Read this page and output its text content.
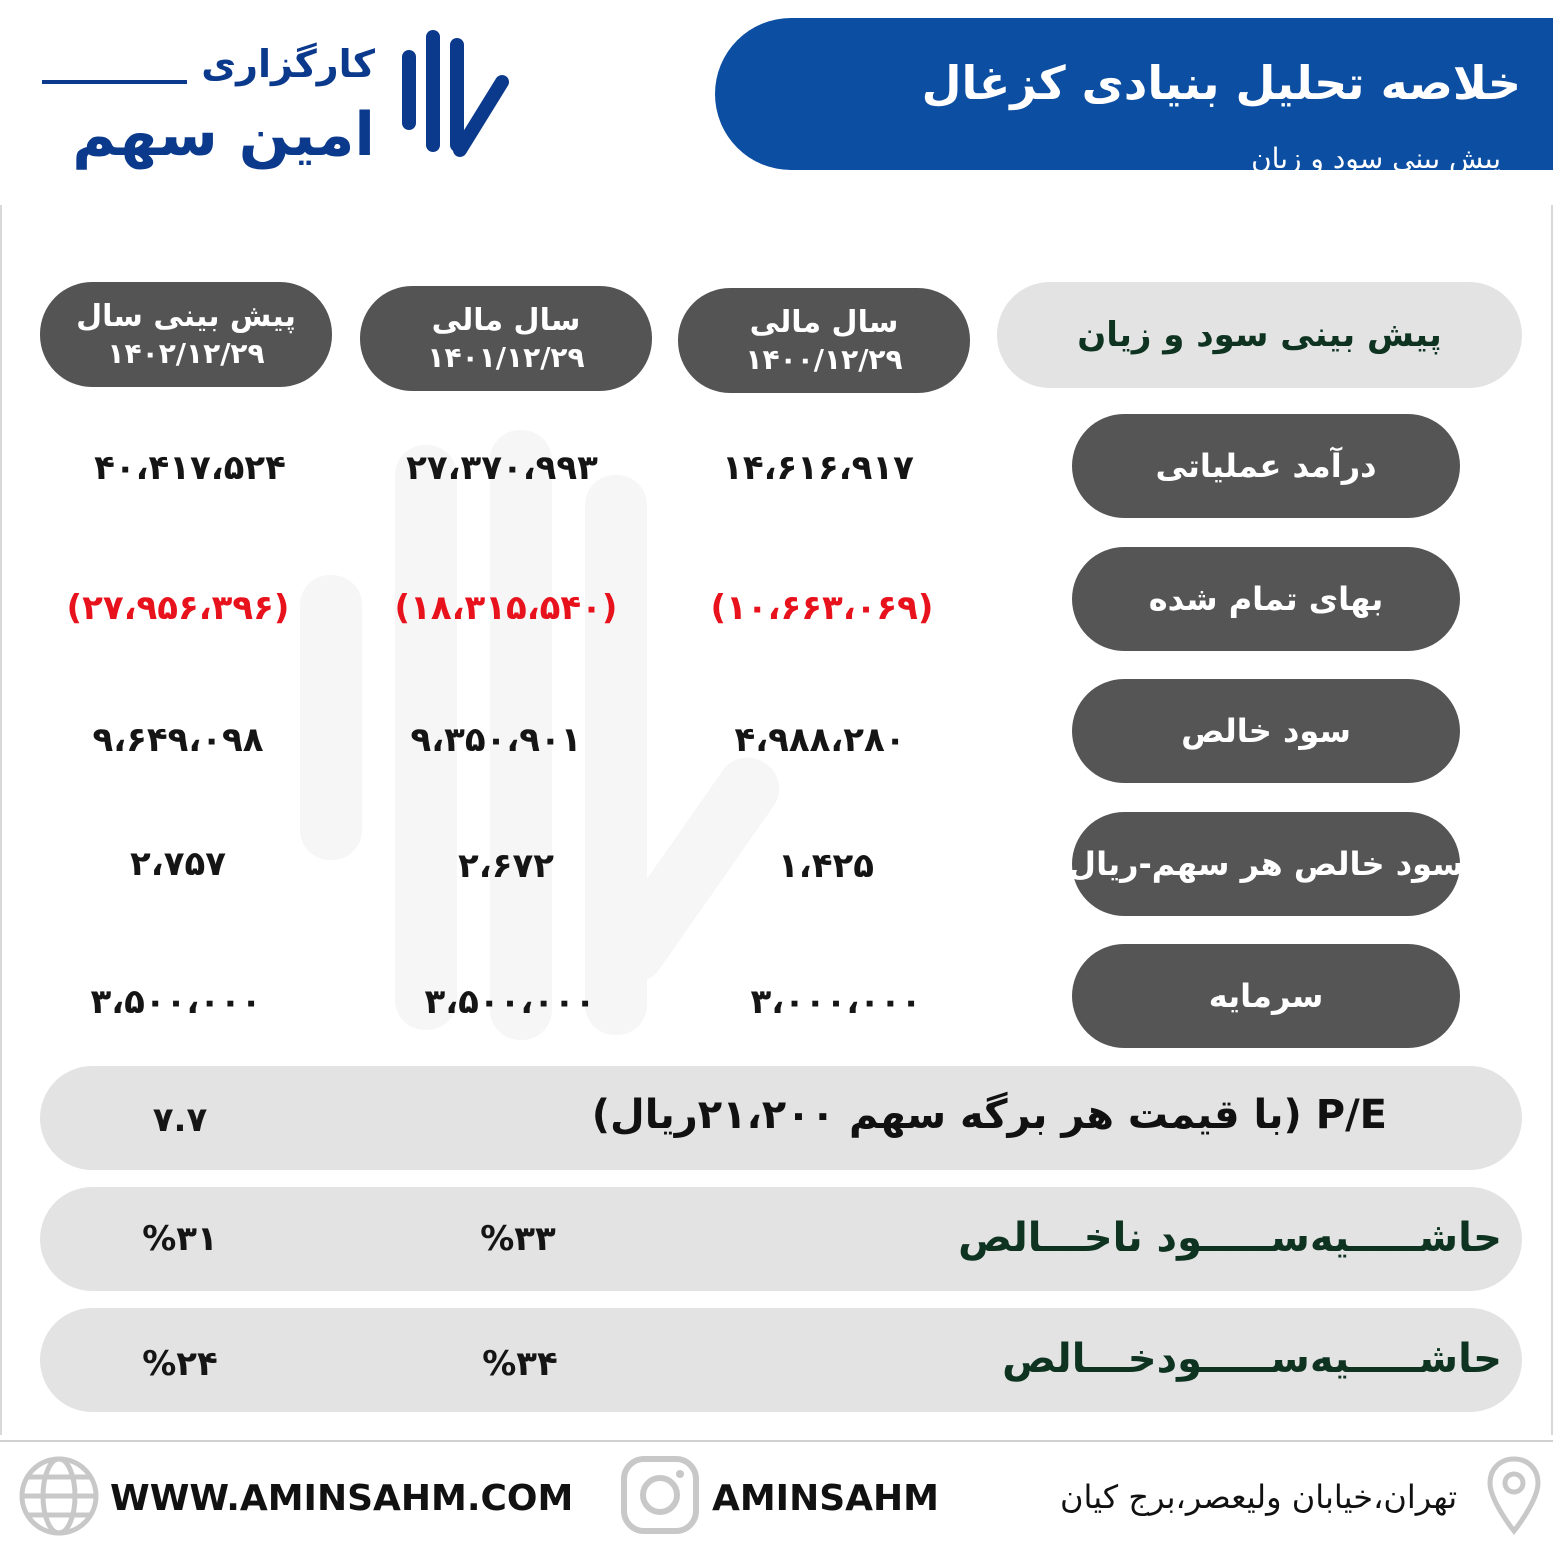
کارگزاری
امین سهم
خلاصه تحلیل بنیادی کزغال
پیش بینی سود و زیان
پیش بینی سود و زیان
سال مالی
۱۴۰۰/۱۲/۲۹
سال مالی
۱۴۰۱/۱۲/۲۹
پیش بینی سال
۱۴۰۲/۱۲/۲۹
درآمد عملیاتی
۱۴،۶۱۶،۹۱۷
۲۷،۳۷۰،۹۹۳
۴۰،۴۱۷،۵۲۴
بهای تمام شده
(۱۰،۶۶۳،۰۶۹)
(۱۸،۳۱۵،۵۴۰)
(۲۷،۹۵۶،۳۹۶)
سود خالص
۴،۹۸۸،۲۸۰
۹،۳۵۰،۹۰۱
۹،۶۴۹،۰۹۸
سود خالص هر سهم-ریال
۱،۴۲۵
۲،۶۷۲
۲،۷۵۷
سرمایه
۳،۰۰۰،۰۰۰
۳،۵۰۰،۰۰۰
۳،۵۰۰،۰۰۰
P/E (با قیمت هر برگه سهم ۲۱،۲۰۰ریال)
۷.۷
حاشـــــیه‌ســـــود ناخـــالص
%۳۳
%۳۱
حاشـــــیه‌ســـــودخـــالص
%۳۴
%۲۴
WWW.AMINSAHM.COM	AMINSAHM	تهران،خیابان ولیعصر،برج کیان
